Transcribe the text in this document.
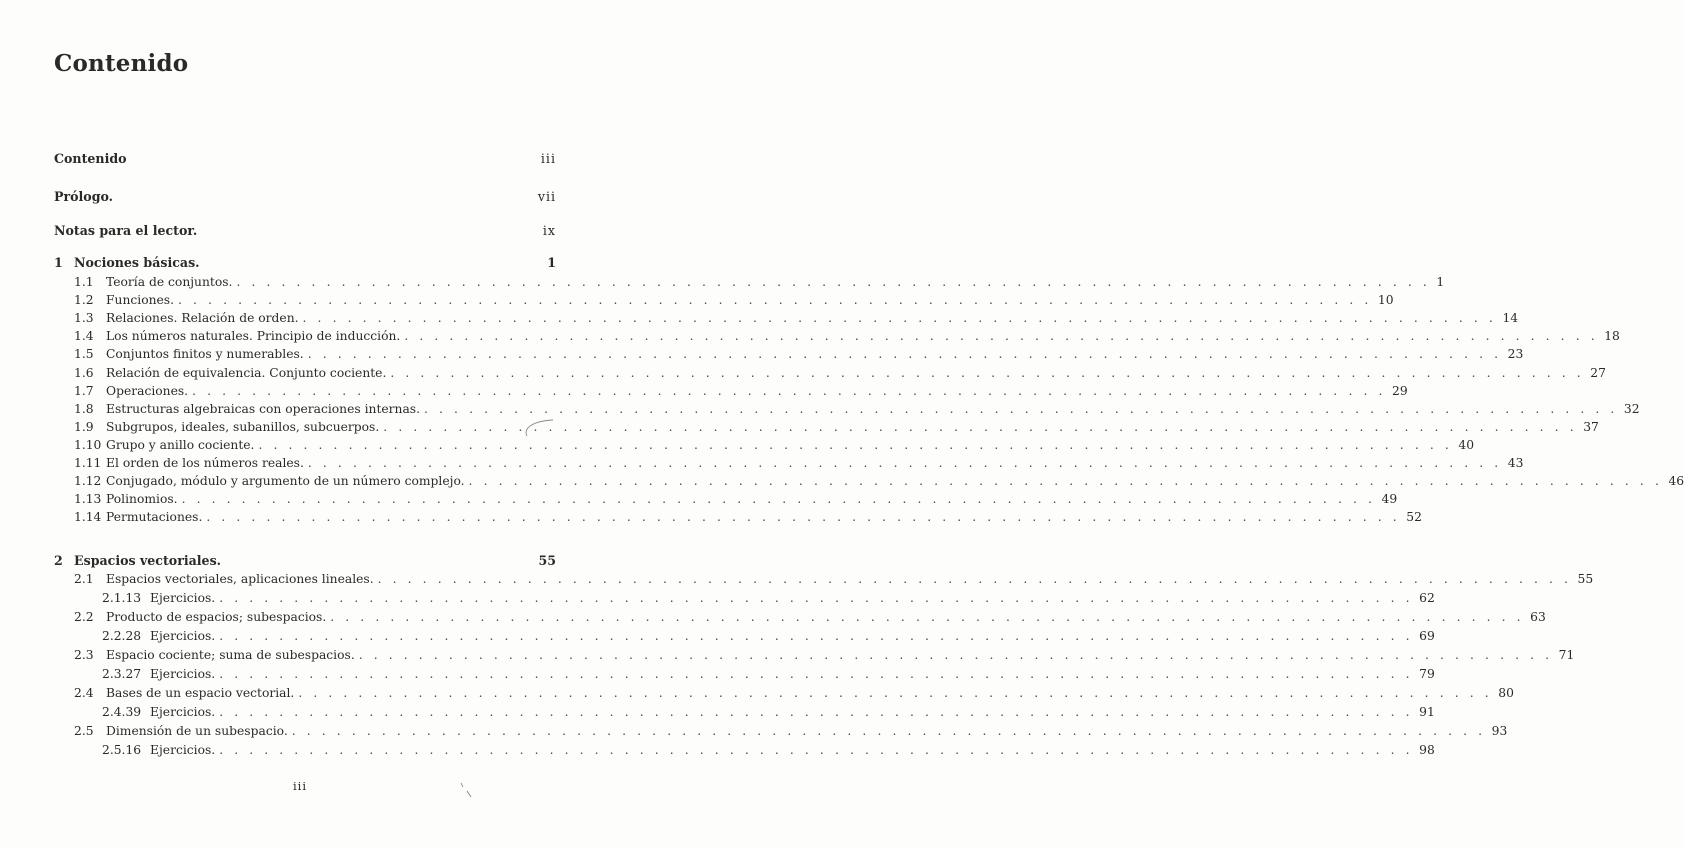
Contenido
Contenido	iii
Prólogo.	vii
Notas para el lector.	ix
1 Nociones básicas.	1
1.1	Teoría de conjuntos. . . . . . . . . . . . . . . . . . . . . . . . . . . . . . . . . . . . . . . . . . . . . . . . . . . . . . . . . . . . . . . . . . . . . . . . . . . . . . . . . 1
1.2	Funciones. . . . . . . . . . . . . . . . . . . . . . . . . . . . . . . . . . . . . . . . . . . . . . . . . . . . . . . . . . . . . . . . . . . . . . . . . . . . . . . . . 10
1.3	Relaciones. Relación de orden. . . . . . . . . . . . . . . . . . . . . . . . . . . . . . . . . . . . . . . . . . . . . . . . . . . . . . . . . . . . . . . . . . . . . . . . . . . . . . . . . 14
1.4	Los números naturales. Principio de inducción. . . . . . . . . . . . . . . . . . . . . . . . . . . . . . . . . . . . . . . . . . . . . . . . . . . . . . . . . . . . . . . . . . . . . . . . . . . . . . . . . 18
1.5	Conjuntos finitos y numerables. . . . . . . . . . . . . . . . . . . . . . . . . . . . . . . . . . . . . . . . . . . . . . . . . . . . . . . . . . . . . . . . . . . . . . . . . . . . . . . . . 23
1.6	Relación de equivalencia. Conjunto cociente. . . . . . . . . . . . . . . . . . . . . . . . . . . . . . . . . . . . . . . . . . . . . . . . . . . . . . . . . . . . . . . . . . . . . . . . . . . . . . . . . 27
1.7	Operaciones. . . . . . . . . . . . . . . . . . . . . . . . . . . . . . . . . . . . . . . . . . . . . . . . . . . . . . . . . . . . . . . . . . . . . . . . . . . . . . . . . 29
1.8	Estructuras algebraicas con operaciones internas. . . . . . . . . . . . . . . . . . . . . . . . . . . . . . . . . . . . . . . . . . . . . . . . . . . . . . . . . . . . . . . . . . . . . . . . . . . . . . . . . 32
1.9	Subgrupos, ideales, subanillos, subcuerpos. . . . . . . . . . . . . . . . . . . . . . . . . . . . . . . . . . . . . . . . . . . . . . . . . . . . . . . . . . . . . . . . . . . . . . . . . . . . . . . . . 37
1.10 Grupo y anillo cociente. . . . . . . . . . . . . . . . . . . . . . . . . . . . . . . . . . . . . . . . . . . . . . . . . . . . . . . . . . . . . . . . . . . . . . . . . . . . . . . . . 40
1.11 El orden de los números reales. . . . . . . . . . . . . . . . . . . . . . . . . . . . . . . . . . . . . . . . . . . . . . . . . . . . . . . . . . . . . . . . . . . . . . . . . . . . . . . . . 43
1.12 Conjugado, módulo y argumento de un número complejo. . . . . . . . . . . . . . . . . . . . . . . . . . . . . . . . . . . . . . . . . . . . . . . . . . . . . . . . . . . . . . . . . . . . . . . . . . . . . . . . . 46
1.13 Polinomios. . . . . . . . . . . . . . . . . . . . . . . . . . . . . . . . . . . . . . . . . . . . . . . . . . . . . . . . . . . . . . . . . . . . . . . . . . . . . . . . . 49
1.14 Permutaciones. . . . . . . . . . . . . . . . . . . . . . . . . . . . . . . . . . . . . . . . . . . . . . . . . . . . . . . . . . . . . . . . . . . . . . . . . . . . . . . . . 52
2 Espacios vectoriales.	55
2.1	Espacios vectoriales, aplicaciones lineales. . . . . . . . . . . . . . . . . . . . . . . . . . . . . . . . . . . . . . . . . . . . . . . . . . . . . . . . . . . . . . . . . . . . . . . . . . . . . . . . . 55
2.1.13 Ejercicios. . . . . . . . . . . . . . . . . . . . . . . . . . . . . . . . . . . . . . . . . . . . . . . . . . . . . . . . . . . . . . . . . . . . . . . . . . . . . . . . . 62
2.2	Producto de espacios; subespacios. . . . . . . . . . . . . . . . . . . . . . . . . . . . . . . . . . . . . . . . . . . . . . . . . . . . . . . . . . . . . . . . . . . . . . . . . . . . . . . . . 63
2.2.28 Ejercicios. . . . . . . . . . . . . . . . . . . . . . . . . . . . . . . . . . . . . . . . . . . . . . . . . . . . . . . . . . . . . . . . . . . . . . . . . . . . . . . . . 69
2.3	Espacio cociente; suma de subespacios. . . . . . . . . . . . . . . . . . . . . . . . . . . . . . . . . . . . . . . . . . . . . . . . . . . . . . . . . . . . . . . . . . . . . . . . . . . . . . . . . 71
2.3.27 Ejercicios. . . . . . . . . . . . . . . . . . . . . . . . . . . . . . . . . . . . . . . . . . . . . . . . . . . . . . . . . . . . . . . . . . . . . . . . . . . . . . . . . 79
2.4	Bases de un espacio vectorial. . . . . . . . . . . . . . . . . . . . . . . . . . . . . . . . . . . . . . . . . . . . . . . . . . . . . . . . . . . . . . . . . . . . . . . . . . . . . . . . . 80
2.4.39 Ejercicios. . . . . . . . . . . . . . . . . . . . . . . . . . . . . . . . . . . . . . . . . . . . . . . . . . . . . . . . . . . . . . . . . . . . . . . . . . . . . . . . . 91
2.5	Dimensión de un subespacio. . . . . . . . . . . . . . . . . . . . . . . . . . . . . . . . . . . . . . . . . . . . . . . . . . . . . . . . . . . . . . . . . . . . . . . . . . . . . . . . . 93
2.5.16 Ejercicios. . . . . . . . . . . . . . . . . . . . . . . . . . . . . . . . . . . . . . . . . . . . . . . . . . . . . . . . . . . . . . . . . . . . . . . . . . . . . . . . . 98
iii
